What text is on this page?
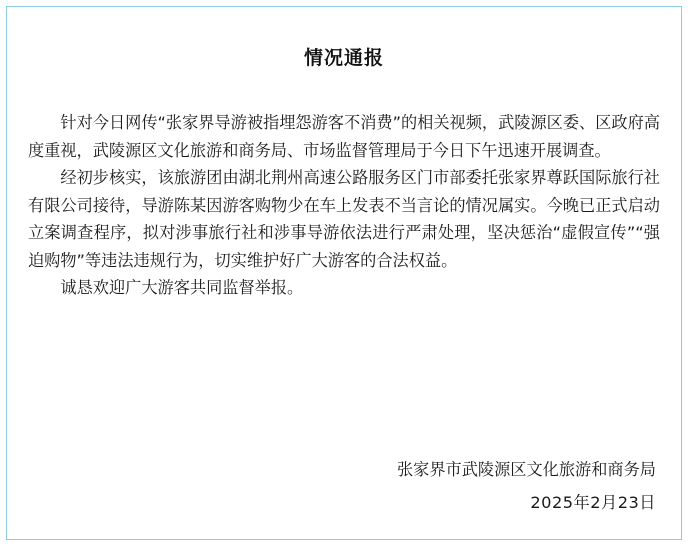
情况通报

针对今日网传“张家界导游被指埋怨游客不消费”的相关视频，武陵源区委、区政府高度重视，武陵源区文化旅游和商务局、市场监督管理局于今日下午迅速开展调查。

经初步核实，该旅游团由湖北荆州高速公路服务区门市部委托张家界尊跃国际旅行社有限公司接待，导游陈某因游客购物少在车上发表不当言论的情况属实。今晚已正式启动立案调查程序，拟对涉事旅行社和涉事导游依法进行严肃处理，坚决惩治“虚假宣传”“强迫购物”等违法违规行为，切实维护好广大游客的合法权益。

诚恳欢迎广大游客共同监督举报。

张家界市武陵源区文化旅游和商务局
2025年2月23日
